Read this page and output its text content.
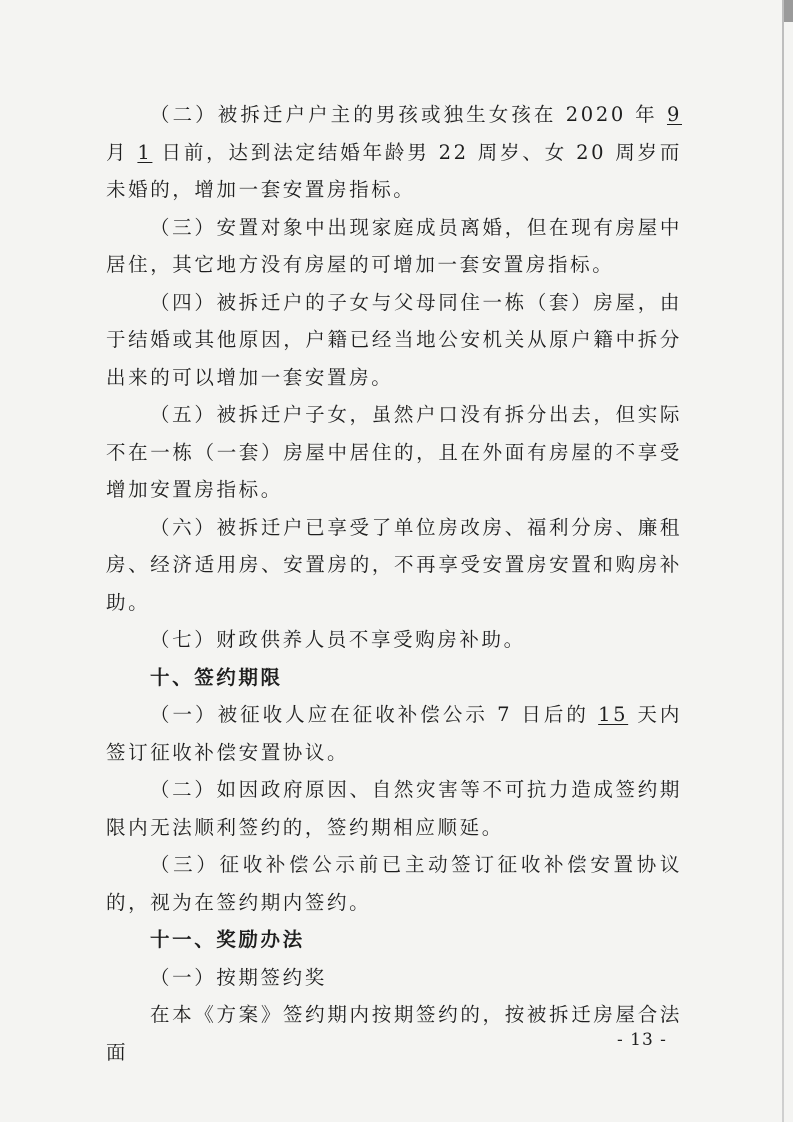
（二）被拆迁户户主的男孩或独生女孩在 2020 年 9 月 1 日前，达到法定结婚年龄男 22 周岁、女 20 周岁而未婚的，增加一套安置房指标。

（三）安置对象中出现家庭成员离婚，但在现有房屋中居住，其它地方没有房屋的可增加一套安置房指标。

（四）被拆迁户的子女与父母同住一栋（套）房屋，由于结婚或其他原因，户籍已经当地公安机关从原户籍中拆分出来的可以增加一套安置房。

（五）被拆迁户子女，虽然户口没有拆分出去，但实际不在一栋（一套）房屋中居住的，且在外面有房屋的不享受增加安置房指标。

（六）被拆迁户已享受了单位房改房、福利分房、廉租房、经济适用房、安置房的，不再享受安置房安置和购房补助。

（七）财政供养人员不享受购房补助。

十、签约期限

（一）被征收人应在征收补偿公示 7 日后的 15 天内签订征收补偿安置协议。

（二）如因政府原因、自然灾害等不可抗力造成签约期限内无法顺利签约的，签约期相应顺延。

（三）征收补偿公示前已主动签订征收补偿安置协议的，视为在签约期内签约。

十一、奖励办法

（一）按期签约奖

在本《方案》签约期内按期签约的，按被拆迁房屋合法面

- 13 -
